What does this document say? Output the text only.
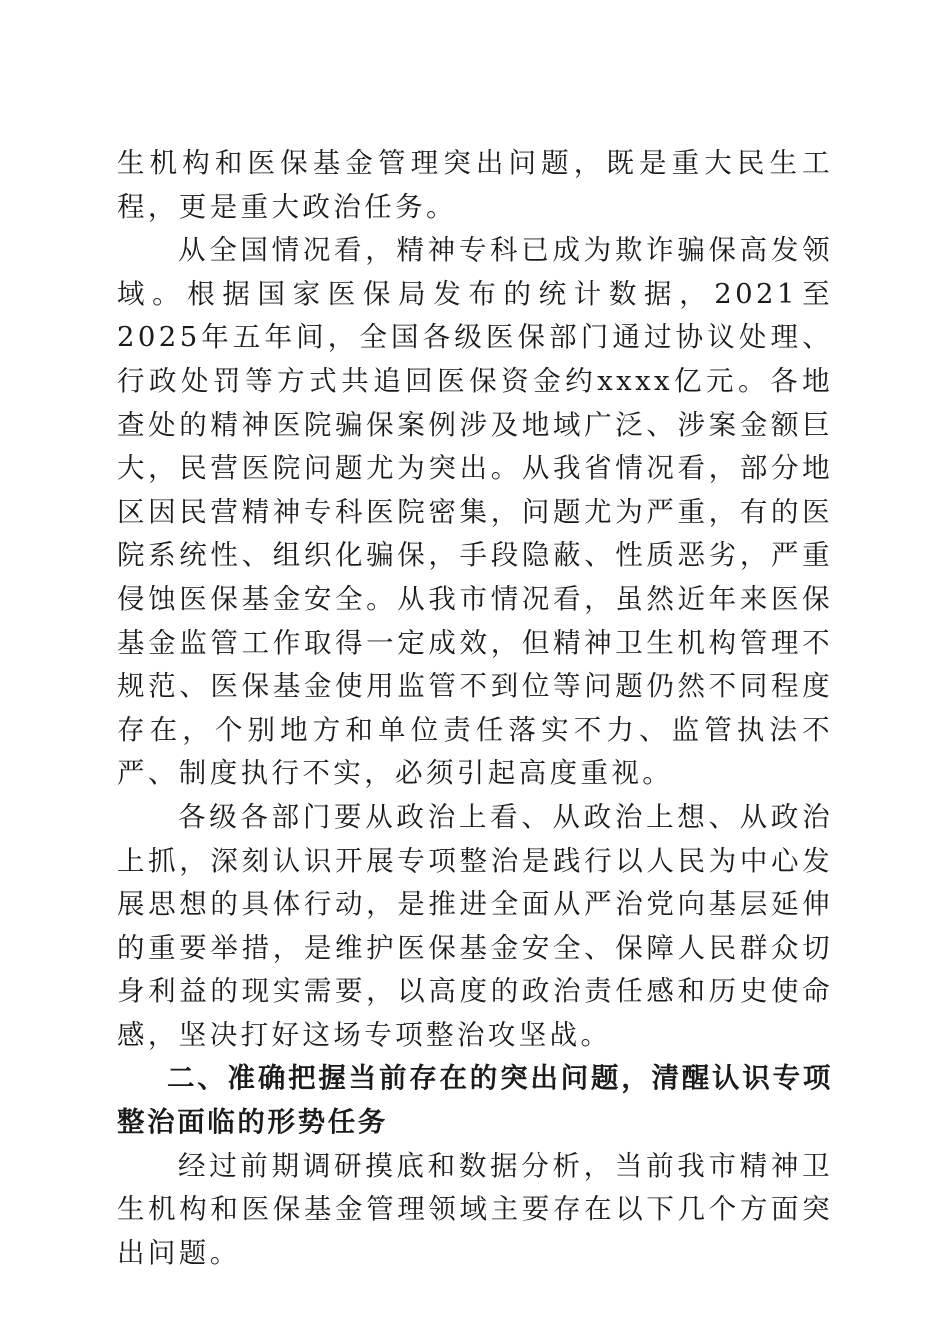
生机构和医保基金管理突出问题，既是重大民生工程，更是重大政治任务。

从全国情况看，精神专科已成为欺诈骗保高发领域。根据国家医保局发布的统计数据，2021至2025年五年间，全国各级医保部门通过协议处理、行政处罚等方式共追回医保资金约xxxx亿元。各地查处的精神医院骗保案例涉及地域广泛、涉案金额巨大，民营医院问题尤为突出。从我省情况看，部分地区因民营精神专科医院密集，问题尤为严重，有的医院系统性、组织化骗保，手段隐蔽、性质恶劣，严重侵蚀医保基金安全。从我市情况看，虽然近年来医保基金监管工作取得一定成效，但精神卫生机构管理不规范、医保基金使用监管不到位等问题仍然不同程度存在，个别地方和单位责任落实不力、监管执法不严、制度执行不实，必须引起高度重视。

各级各部门要从政治上看、从政治上想、从政治上抓，深刻认识开展专项整治是践行以人民为中心发展思想的具体行动，是推进全面从严治党向基层延伸的重要举措，是维护医保基金安全、保障人民群众切身利益的现实需要，以高度的政治责任感和历史使命感，坚决打好这场专项整治攻坚战。

二、准确把握当前存在的突出问题，清醒认识专项整治面临的形势任务

经过前期调研摸底和数据分析，当前我市精神卫生机构和医保基金管理领域主要存在以下几个方面突出问题。
